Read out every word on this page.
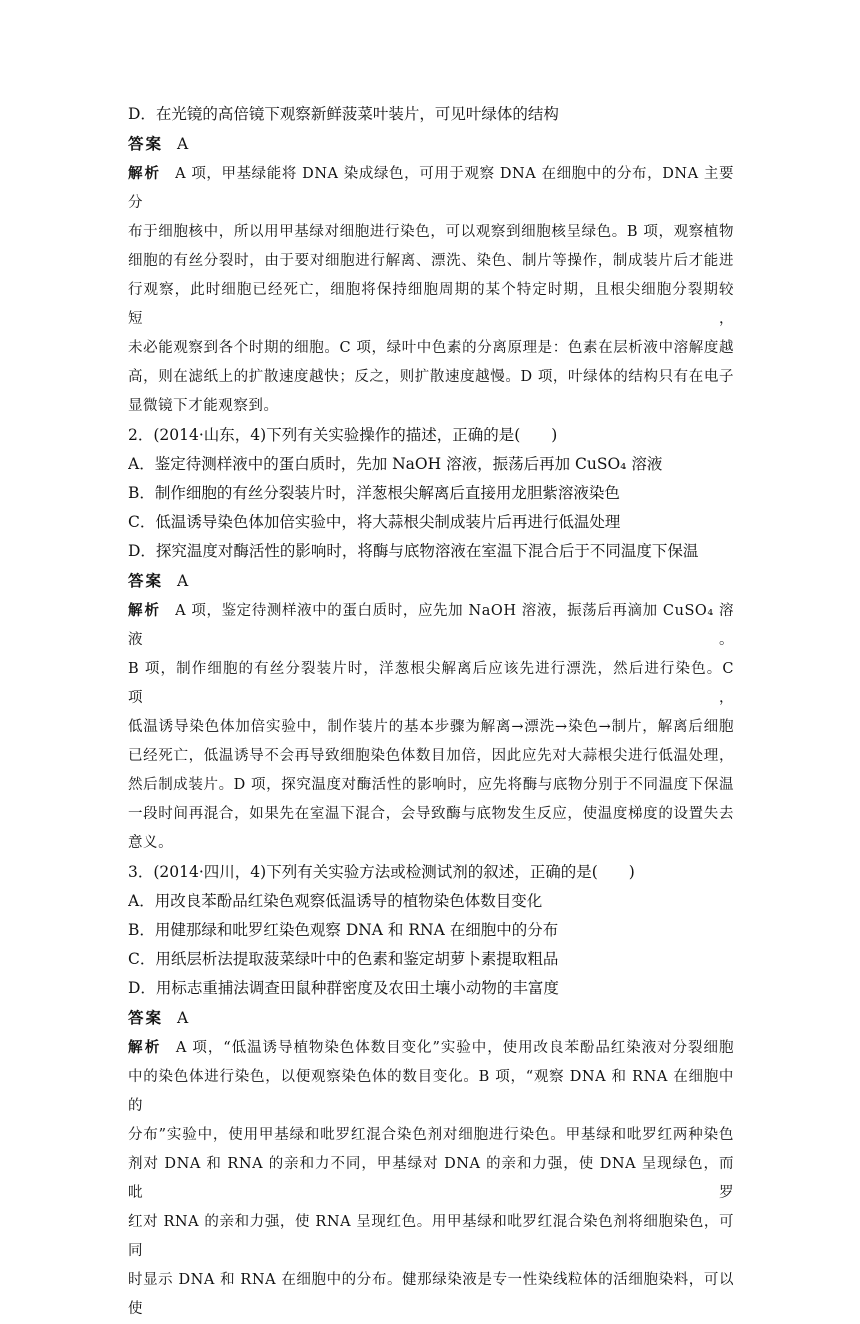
D．在光镜的高倍镜下观察新鲜菠菜叶装片，可见叶绿体的结构
答案 A
解析 A 项，甲基绿能将 DNA 染成绿色，可用于观察 DNA 在细胞中的分布，DNA 主要分
布于细胞核中，所以用甲基绿对细胞进行染色，可以观察到细胞核呈绿色。B 项，观察植物
细胞的有丝分裂时，由于要对细胞进行解离、漂洗、染色、制片等操作，制成装片后才能进
行观察，此时细胞已经死亡，细胞将保持细胞周期的某个特定时期，且根尖细胞分裂期较短，
未必能观察到各个时期的细胞。C 项，绿叶中色素的分离原理是：色素在层析液中溶解度越
高，则在滤纸上的扩散速度越快；反之，则扩散速度越慢。D 项，叶绿体的结构只有在电子
显微镜下才能观察到。
2．(2014·山东，4)下列有关实验操作的描述，正确的是(　　)
A．鉴定待测样液中的蛋白质时，先加 NaOH 溶液，振荡后再加 CuSO₄ 溶液
B．制作细胞的有丝分裂装片时，洋葱根尖解离后直接用龙胆紫溶液染色
C．低温诱导染色体加倍实验中，将大蒜根尖制成装片后再进行低温处理
D．探究温度对酶活性的影响时，将酶与底物溶液在室温下混合后于不同温度下保温
答案 A
解析 A 项，鉴定待测样液中的蛋白质时，应先加 NaOH 溶液，振荡后再滴加 CuSO₄ 溶液。
B 项，制作细胞的有丝分裂装片时，洋葱根尖解离后应该先进行漂洗，然后进行染色。C 项，
低温诱导染色体加倍实验中，制作装片的基本步骤为解离→漂洗→染色→制片，解离后细胞
已经死亡，低温诱导不会再导致细胞染色体数目加倍，因此应先对大蒜根尖进行低温处理，
然后制成装片。D 项，探究温度对酶活性的影响时，应先将酶与底物分别于不同温度下保温
一段时间再混合，如果先在室温下混合，会导致酶与底物发生反应，使温度梯度的设置失去
意义。
3．(2014·四川，4)下列有关实验方法或检测试剂的叙述，正确的是(　　)
A．用改良苯酚品红染色观察低温诱导的植物染色体数目变化
B．用健那绿和吡罗红染色观察 DNA 和 RNA 在细胞中的分布
C．用纸层析法提取菠菜绿叶中的色素和鉴定胡萝卜素提取粗品
D．用标志重捕法调查田鼠种群密度及农田土壤小动物的丰富度
答案 A
解析 A 项，“低温诱导植物染色体数目变化”实验中，使用改良苯酚品红染液对分裂细胞
中的染色体进行染色，以便观察染色体的数目变化。B 项，“观察 DNA 和 RNA 在细胞中的
分布”实验中，使用甲基绿和吡罗红混合染色剂对细胞进行染色。甲基绿和吡罗红两种染色
剂对 DNA 和 RNA 的亲和力不同，甲基绿对 DNA 的亲和力强，使 DNA 呈现绿色，而吡罗
红对 RNA 的亲和力强，使 RNA 呈现红色。用甲基绿和吡罗红混合染色剂将细胞染色，可同
时显示 DNA 和 RNA 在细胞中的分布。健那绿染液是专一性染线粒体的活细胞染料，可以使
